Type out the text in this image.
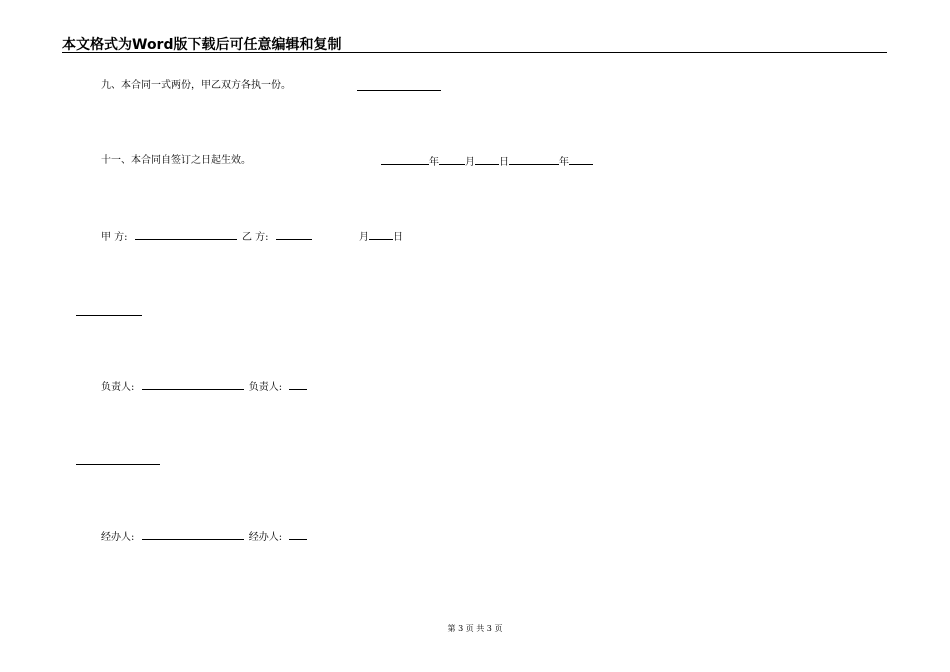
本文格式为Word版下载后可任意编辑和复制
九、本合同一式两份，甲乙双方各执一份。
十一、本合同自签订之日起生效。	年	月 日	年
甲 方:	乙 方:	月 日
负责人:	负责人:
经办人:	经办人:
第 3 页 共 3 页
